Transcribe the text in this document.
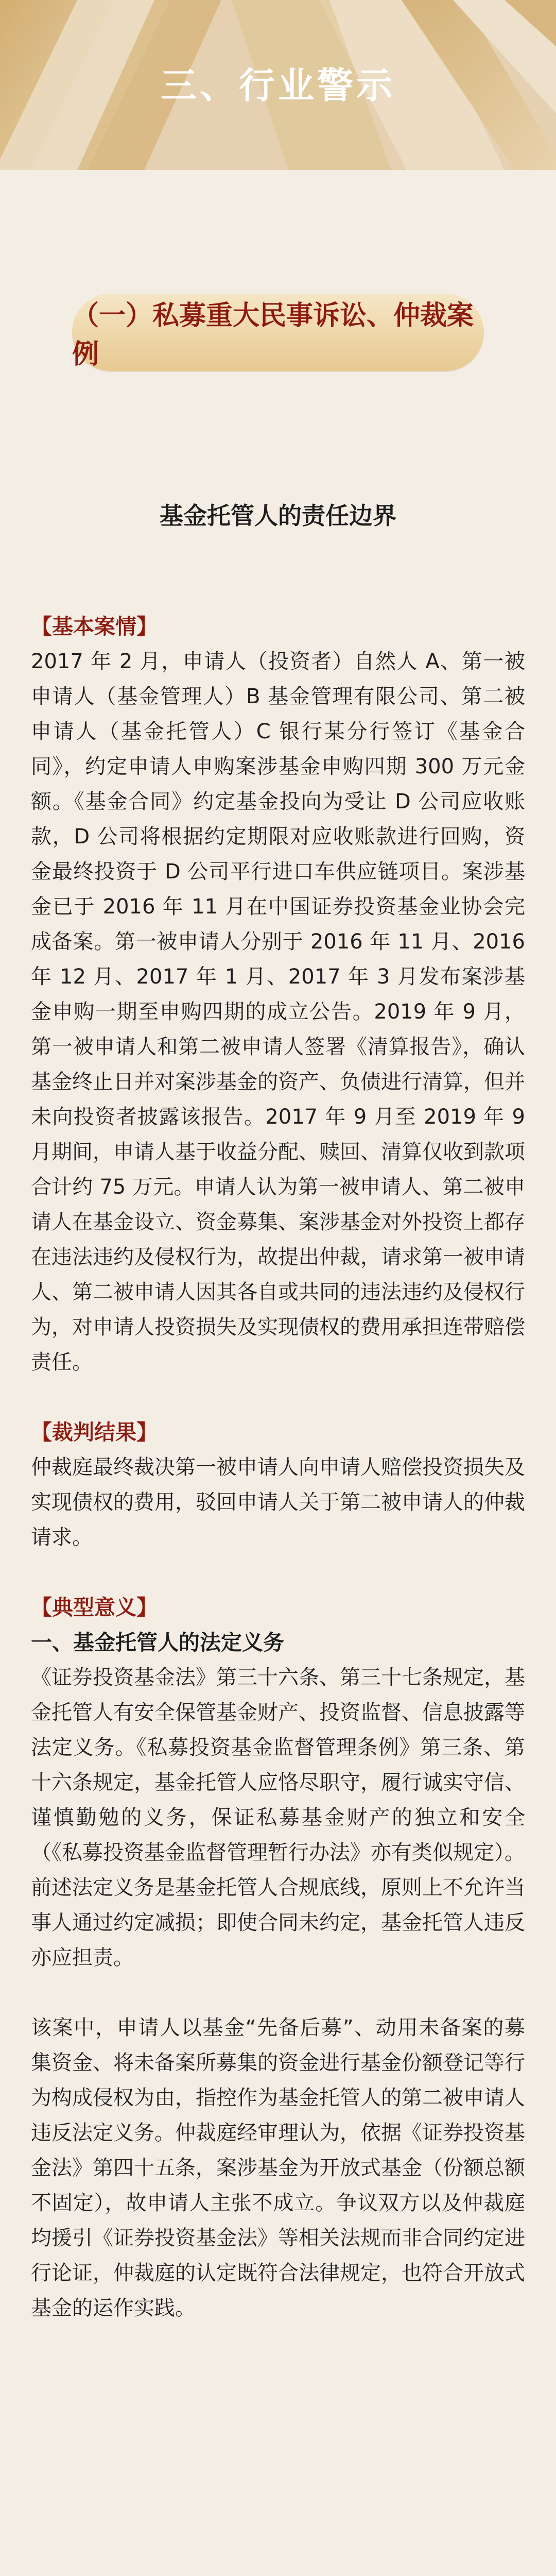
三、行业警示
（一）私募重大民事诉讼、仲裁案例
基金托管人的责任边界
【基本案情】

2017 年 2 月，申请人（投资者）自然人 A、第一被申请人（基金管理人）B 基金管理有限公司、第二被申请人（基金托管人）C 银行某分行签订《基金合同》，约定申请人申购案涉基金申购四期 300 万元金额。《基金合同》约定基金投向为受让 D 公司应收账款，D 公司将根据约定期限对应收账款进行回购，资金最终投资于 D 公司平行进口车供应链项目。案涉基金已于 2016 年 11 月在中国证券投资基金业协会完成备案。第一被申请人分别于 2016 年 11 月、2016 年 12 月、2017 年 1 月、2017 年 3 月发布案涉基金申购一期至申购四期的成立公告。2019 年 9 月，第一被申请人和第二被申请人签署《清算报告》，确认基金终止日并对案涉基金的资产、负债进行清算，但并未向投资者披露该报告。2017 年 9 月至 2019 年 9 月期间，申请人基于收益分配、赎回、清算仅收到款项合计约 75 万元。申请人认为第一被申请人、第二被申请人在基金设立、资金募集、案涉基金对外投资上都存在违法违约及侵权行为，故提出仲裁，请求第一被申请人、第二被申请人因其各自或共同的违法违约及侵权行为，对申请人投资损失及实现债权的费用承担连带赔偿责任。

【裁判结果】

仲裁庭最终裁决第一被申请人向申请人赔偿投资损失及实现债权的费用，驳回申请人关于第二被申请人的仲裁请求。

【典型意义】
一、基金托管人的法定义务

《证券投资基金法》第三十六条、第三十七条规定，基金托管人有安全保管基金财产、投资监督、信息披露等法定义务。《私募投资基金监督管理条例》第三条、第十六条规定，基金托管人应恪尽职守，履行诚实守信、谨慎勤勉的义务，保证私募基金财产的独立和安全（《私募投资基金监督管理暂行办法》亦有类似规定）。前述法定义务是基金托管人合规底线，原则上不允许当事人通过约定减损；即使合同未约定，基金托管人违反亦应担责。

该案中，申请人以基金“先备后募”、动用未备案的募集资金、将未备案所募集的资金进行基金份额登记等行为构成侵权为由，指控作为基金托管人的第二被申请人违反法定义务。仲裁庭经审理认为，依据《证券投资基金法》第四十五条，案涉基金为开放式基金（份额总额不固定），故申请人主张不成立。争议双方以及仲裁庭均援引《证券投资基金法》等相关法规而非合同约定进行论证，仲裁庭的认定既符合法律规定，也符合开放式基金的运作实践。
